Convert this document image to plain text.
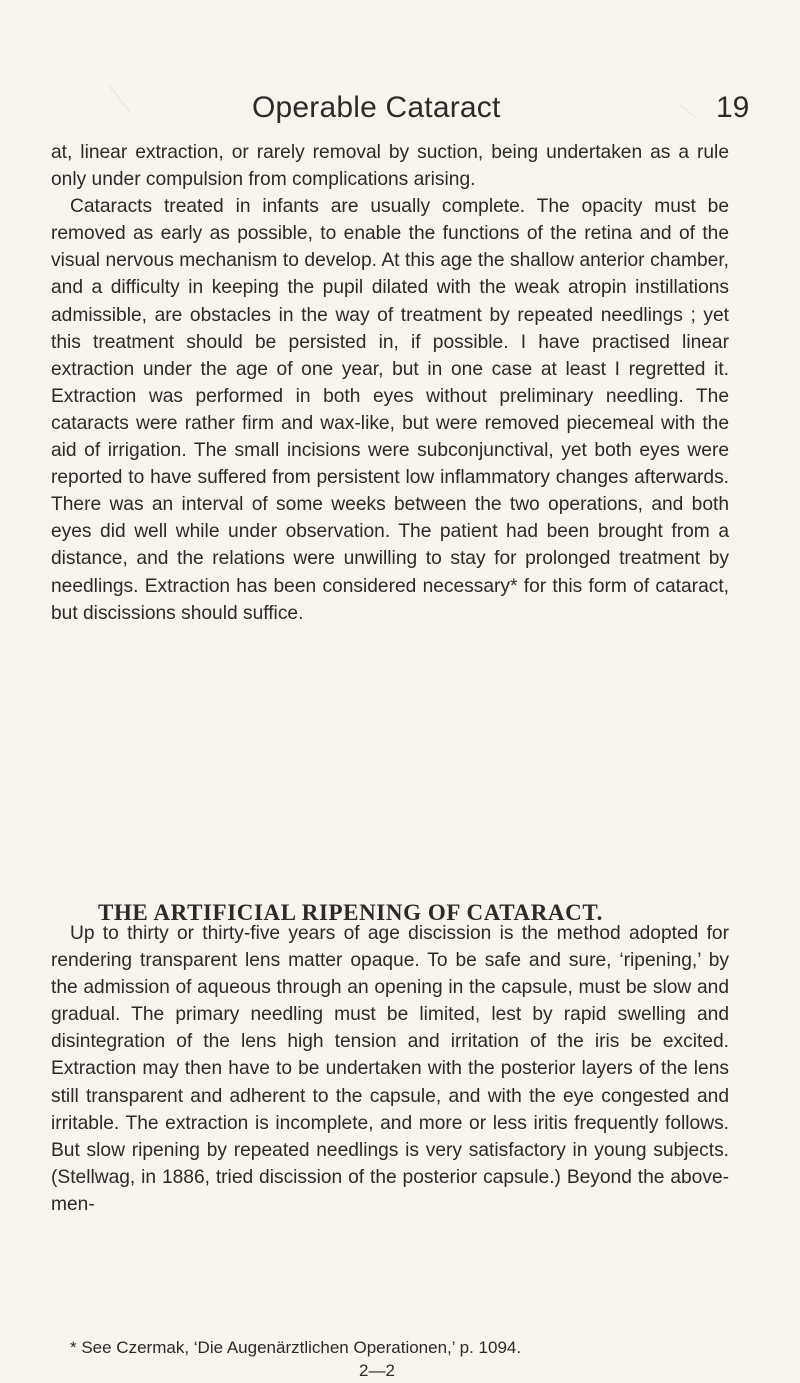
Operable Cataract	19

at, linear extraction, or rarely removal by suction, being undertaken as a rule only under compulsion from complications arising.

Cataracts treated in infants are usually complete. The opacity must be removed as early as possible, to enable the functions of the retina and of the visual nervous mechanism to develop. At this age the shallow anterior chamber, and a difficulty in keeping the pupil dilated with the weak atropin instillations admissible, are obstacles in the way of treatment by repeated needlings ; yet this treatment should be persisted in, if possible. I have practised linear extraction under the age of one year, but in one case at least I regretted it. Extraction was performed in both eyes without preliminary needling. The cataracts were rather firm and wax-like, but were removed piecemeal with the aid of irrigation. The small incisions were subconjunctival, yet both eyes were reported to have suffered from persistent low inflammatory changes afterwards. There was an interval of some weeks between the two operations, and both eyes did well while under observation. The patient had been brought from a distance, and the relations were unwilling to stay for prolonged treatment by needlings. Extraction has been considered necessary* for this form of cataract, but discissions should suffice.

THE ARTIFICIAL RIPENING OF CATARACT.

Up to thirty or thirty-five years of age discission is the method adopted for rendering transparent lens matter opaque. To be safe and sure, ‘ripening,’ by the admission of aqueous through an opening in the capsule, must be slow and gradual. The primary needling must be limited, lest by rapid swelling and disintegration of the lens high tension and irritation of the iris be excited. Extraction may then have to be undertaken with the posterior layers of the lens still transparent and adherent to the capsule, and with the eye congested and irritable. The extraction is incomplete, and more or less iritis frequently follows. But slow ripening by repeated needlings is very satisfactory in young subjects. (Stellwag, in 1886, tried discission of the posterior capsule.) Beyond the above-men-

* See Czermak, ‘Die Augenärztlichen Operationen,’ p. 1094.
2—2
